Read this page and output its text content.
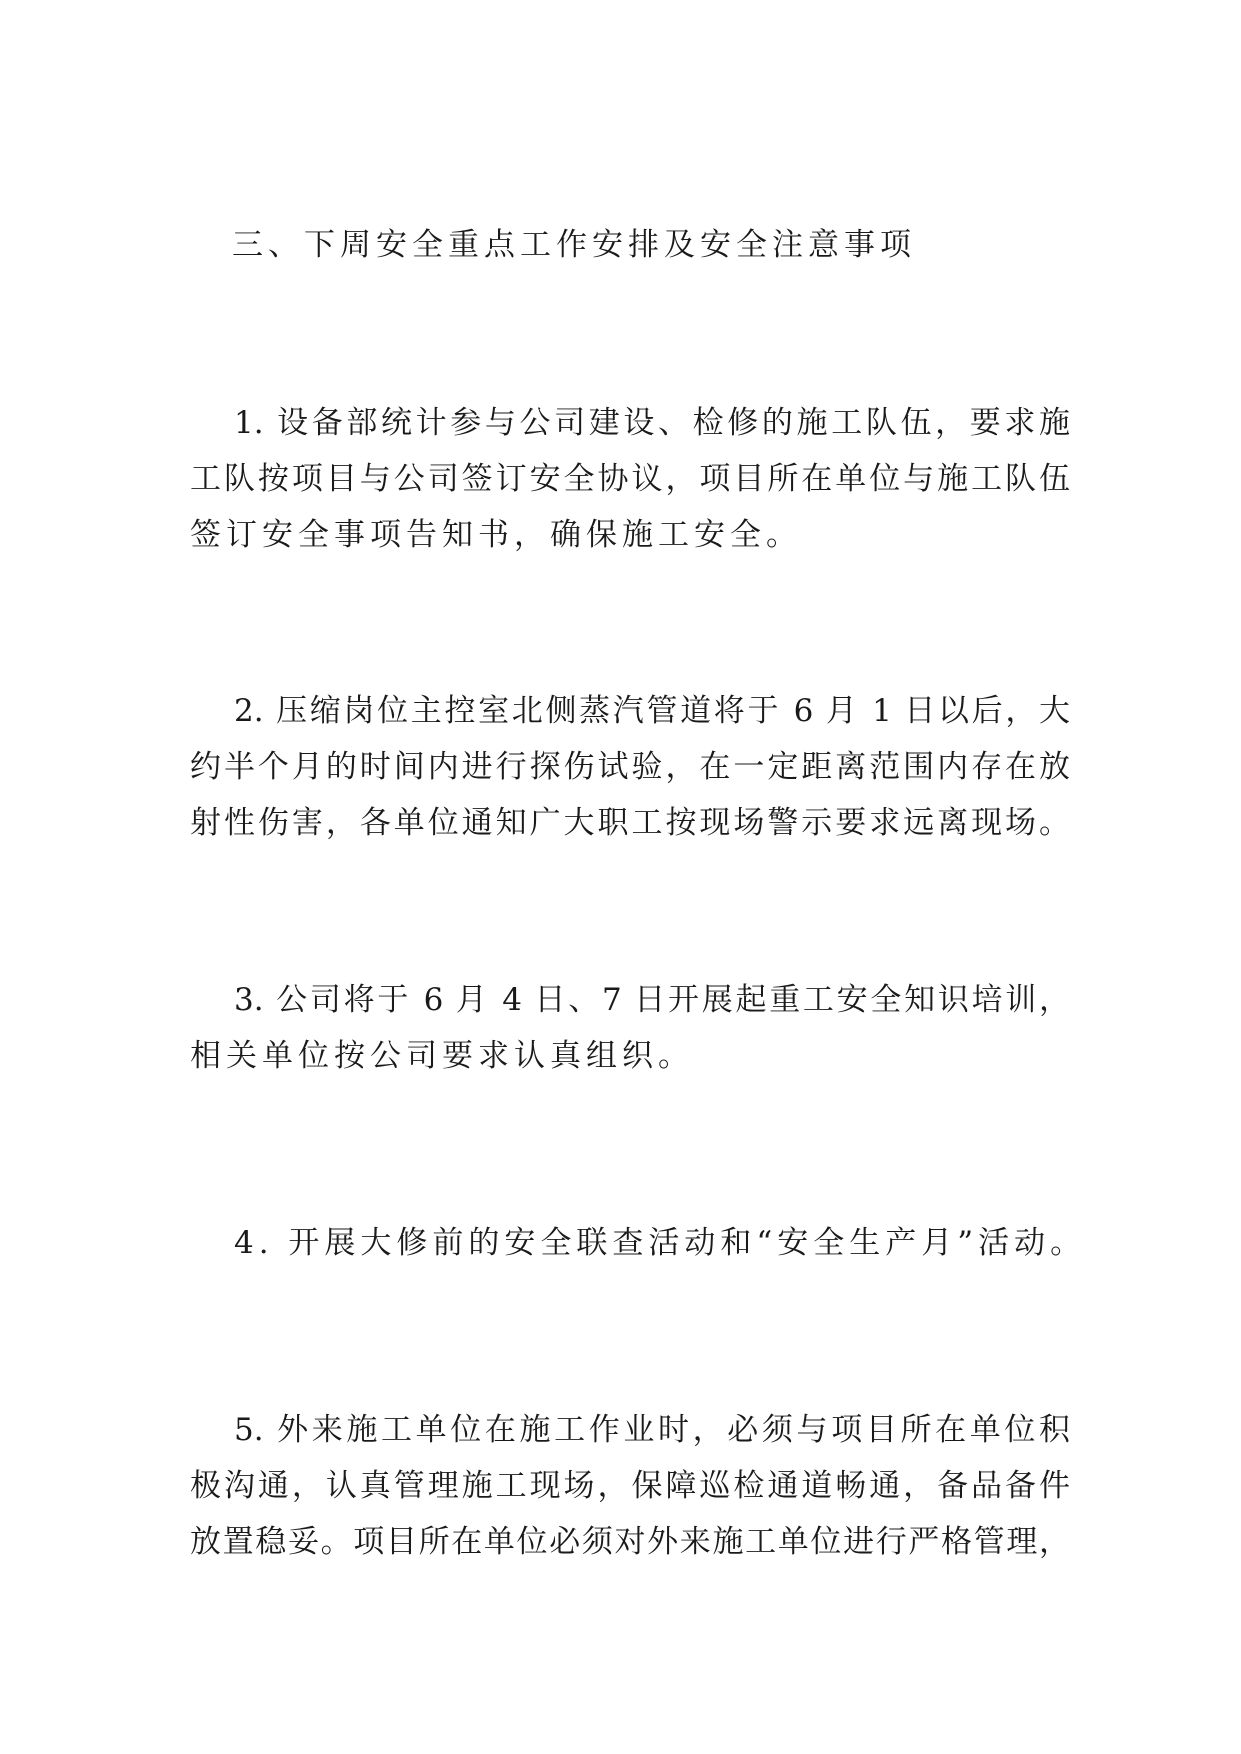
三、下周安全重点工作安排及安全注意事项
1. 设备部统计参与公司建设、检修的施工队伍，要求施
工队按项目与公司签订安全协议，项目所在单位与施工队伍
签订安全事项告知书，确保施工安全。
2. 压缩岗位主控室北侧蒸汽管道将于 6 月 1 日以后，大
约半个月的时间内进行探伤试验，在一定距离范围内存在放
射性伤害，各单位通知广大职工按现场警示要求远离现场。
3. 公司将于 6 月 4 日、7 日开展起重工安全知识培训，
相关单位按公司要求认真组织。
4. 开展大修前的安全联查活动和“安全生产月”活动。
5. 外来施工单位在施工作业时，必须与项目所在单位积
极沟通，认真管理施工现场，保障巡检通道畅通，备品备件
放置稳妥。项目所在单位必须对外来施工单位进行严格管理，
